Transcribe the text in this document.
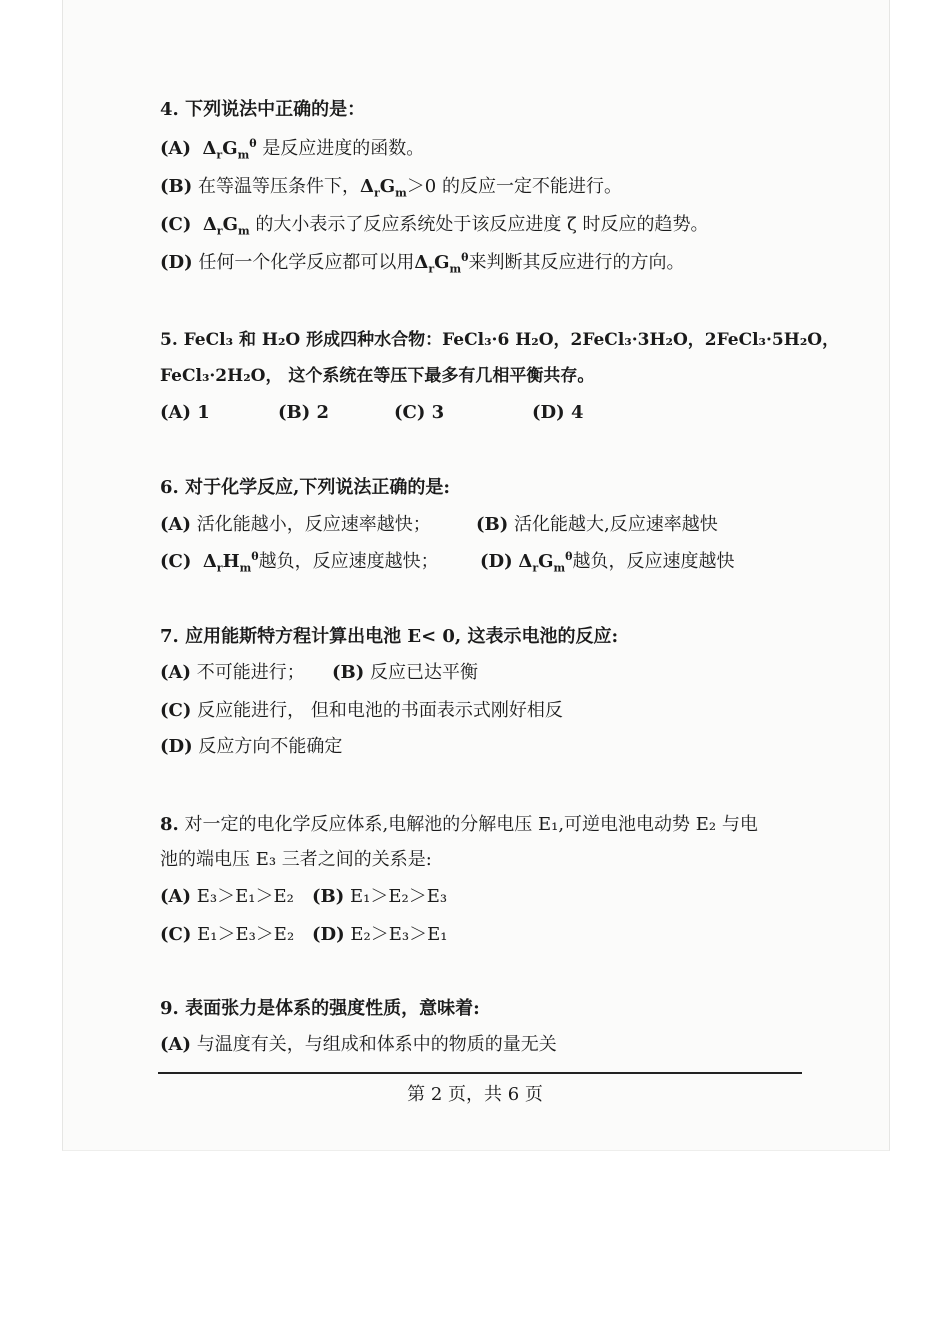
4. 下列说法中正确的是：
(A) $\Delta_rG_m^\theta$ 是反应进度的函数。
(B) 在等温等压条件下，$\Delta_rG_m>0$ 的反应一定不能进行。
(C) $\Delta_rG_m$ 的大小表示了反应系统处于该反应进度 ζ 时反应的趋势。
(D) 任何一个化学反应都可以用$\Delta_rG_m^\theta$来判断其反应进行的方向。
5. FeCl₃ 和 H₂O 形成四种水合物：FeCl₃·6 H₂O，2FeCl₃·3H₂O，2FeCl₃·5H₂O，
FeCl₃·2H₂O， 这个系统在等压下最多有几相平衡共存。
(A) 1	(B) 2	(C) 3	(D) 4
6. 对于化学反应,下列说法正确的是:
(A) 活化能越小，反应速率越快；	(B) 活化能越大,反应速率越快
(C) $\Delta_rH_m^\theta$越负，反应速度越快； (D) $\Delta_rG_m^\theta$越负，反应速度越快
7. 应用能斯特方程计算出电池 E< 0, 这表示电池的反应:
(A) 不可能进行； (B) 反应已达平衡
(C) 反应能进行， 但和电池的书面表示式刚好相反
(D) 反应方向不能确定
8. 对一定的电化学反应体系,电解池的分解电压 E₁,可逆电池电动势 E₂ 与电
池的端电压 E₃ 三者之间的关系是:
(A) E₃＞E₁＞E₂ (B) E₁＞E₂＞E₃
(C) E₁＞E₃＞E₂ (D) E₂＞E₃＞E₁
9. 表面张力是体系的强度性质，意味着:
(A) 与温度有关，与组成和体系中的物质的量无关
第 2 页，共 6 页
